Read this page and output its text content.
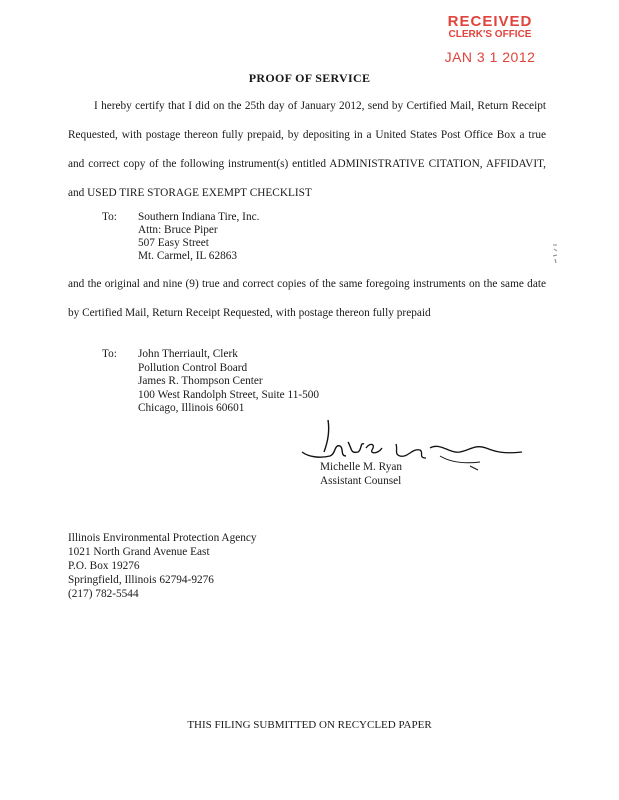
RECEIVED
CLERK'S OFFICE
JAN 3 1 2012
PROOF OF SERVICE
I hereby certify that I did on the 25th day of January 2012, send by Certified Mail, Return Receipt Requested, with postage thereon fully prepaid, by depositing in a United States Post Office Box a true and correct copy of the following instrument(s) entitled ADMINISTRATIVE CITATION, AFFIDAVIT, and USED TIRE STORAGE EXEMPT CHECKLIST
To: Southern Indiana Tire, Inc.
Attn: Bruce Piper
507 Easy Street
Mt. Carmel, IL 62863
and the original and nine (9) true and correct copies of the same foregoing instruments on the same date by Certified Mail, Return Receipt Requested, with postage thereon fully prepaid
To: John Therriault, Clerk
Pollution Control Board
James R. Thompson Center
100 West Randolph Street, Suite 11-500
Chicago, Illinois 60601
Michelle M. Ryan
Assistant Counsel
Illinois Environmental Protection Agency
1021 North Grand Avenue East
P.O. Box 19276
Springfield, Illinois 62794-9276
(217) 782-5544
THIS FILING SUBMITTED ON RECYCLED PAPER
